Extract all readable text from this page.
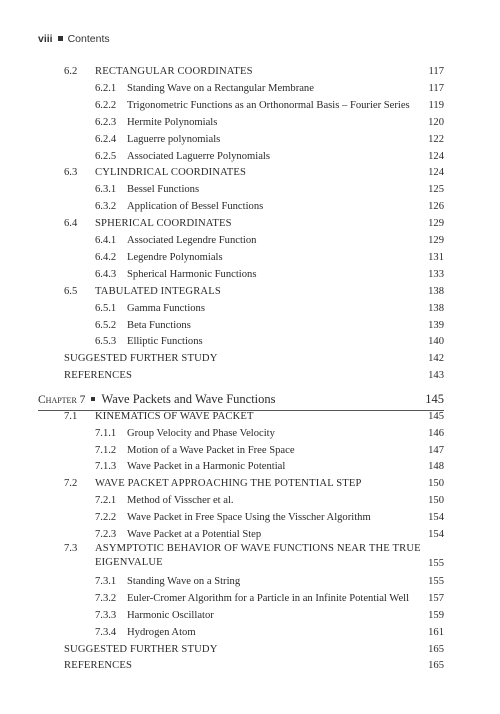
viii Contents
6.2 RECTANGULAR COORDINATES	117
6.2.1 Standing Wave on a Rectangular Membrane	117
6.2.2 Trigonometric Functions as an Orthonormal Basis – Fourier Series 119
6.2.3 Hermite Polynomials	120
6.2.4 Laguerre polynomials	122
6.2.5 Associated Laguerre Polynomials	124
6.3 CYLINDRICAL COORDINATES	124
6.3.1 Bessel Functions	125
6.3.2 Application of Bessel Functions	126
6.4 SPHERICAL COORDINATES	129
6.4.1 Associated Legendre Function	129
6.4.2 Legendre Polynomials	131
6.4.3 Spherical Harmonic Functions	133
6.5 TABULATED INTEGRALS	138
6.5.1 Gamma Functions	138
6.5.2 Beta Functions	139
6.5.3 Elliptic Functions	140
SUGGESTED FURTHER STUDY	142
REFERENCES	143
Chapter 7 Wave Packets and Wave Functions	145
7.1 KINEMATICS OF WAVE PACKET	145
7.1.1 Group Velocity and Phase Velocity	146
7.1.2 Motion of a Wave Packet in Free Space	147
7.1.3 Wave Packet in a Harmonic Potential	148
7.2 WAVE PACKET APPROACHING THE POTENTIAL STEP	150
7.2.1 Method of Visscher et al.	150
7.2.2 Wave Packet in Free Space Using the Visscher Algorithm	154
7.2.3 Wave Packet at a Potential Step	154
7.3 ASYMPTOTIC BEHAVIOR OF WAVE FUNCTIONS NEAR THE TRUE EIGENVALUE	155
7.3.1 Standing Wave on a String	155
7.3.2 Euler-Cromer Algorithm for a Particle in an Infinite Potential Well 157
7.3.3 Harmonic Oscillator	159
7.3.4 Hydrogen Atom	161
SUGGESTED FURTHER STUDY	165
REFERENCES	165
